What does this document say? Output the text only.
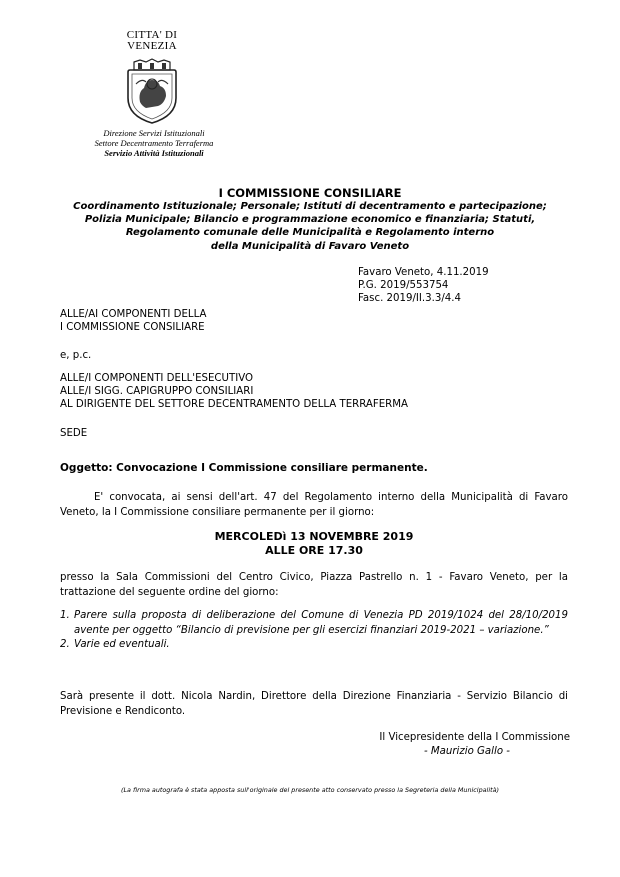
CITTA' DI
VENEZIA
Direzione Servizi Istituzionali
Settore Decentramento Terraferma
Servizio Attività Istituzionali
I COMMISSIONE CONSILIARE
Coordinamento Istituzionale; Personale; Istituti di decentramento e partecipazione;
Polizia Municipale; Bilancio e programmazione economico e finanziaria; Statuti,
Regolamento comunale delle Municipalità e Regolamento interno
della Municipalità di Favaro Veneto
Favaro Veneto, 4.11.2019
P.G. 2019/553754
Fasc. 2019/II.3.3/4.4
ALLE/AI COMPONENTI DELLA
I COMMISSIONE CONSILIARE
e, p.c.
ALLE/I COMPONENTI DELL'ESECUTIVO
ALLE/I SIGG. CAPIGRUPPO CONSILIARI
AL DIRIGENTE DEL SETTORE DECENTRAMENTO DELLA TERRAFERMA
SEDE
Oggetto: Convocazione I Commissione consiliare permanente.
E' convocata, ai sensi dell'art. 47 del Regolamento interno della Municipalità di Favaro Veneto, la I Commissione consiliare permanente per il giorno:
MERCOLEDì 13 NOVEMBRE 2019
ALLE ORE 17.30
presso la Sala Commissioni del Centro Civico, Piazza Pastrello n. 1 - Favaro Veneto, per la trattazione del seguente ordine del giorno:
1. Parere sulla proposta di deliberazione del Comune di Venezia PD 2019/1024 del 28/10/2019 avente per oggetto “Bilancio di previsione per gli esercizi finanziari 2019-2021 – variazione.”
2. Varie ed eventuali.
Sarà presente il dott. Nicola Nardin, Direttore della Direzione Finanziaria - Servizio Bilancio di Previsione e Rendiconto.
Il Vicepresidente della I Commissione
- Maurizio Gallo -
(La firma autografa è stata apposta sull'originale del presente atto conservato presso la Segreteria della Municipalità)
